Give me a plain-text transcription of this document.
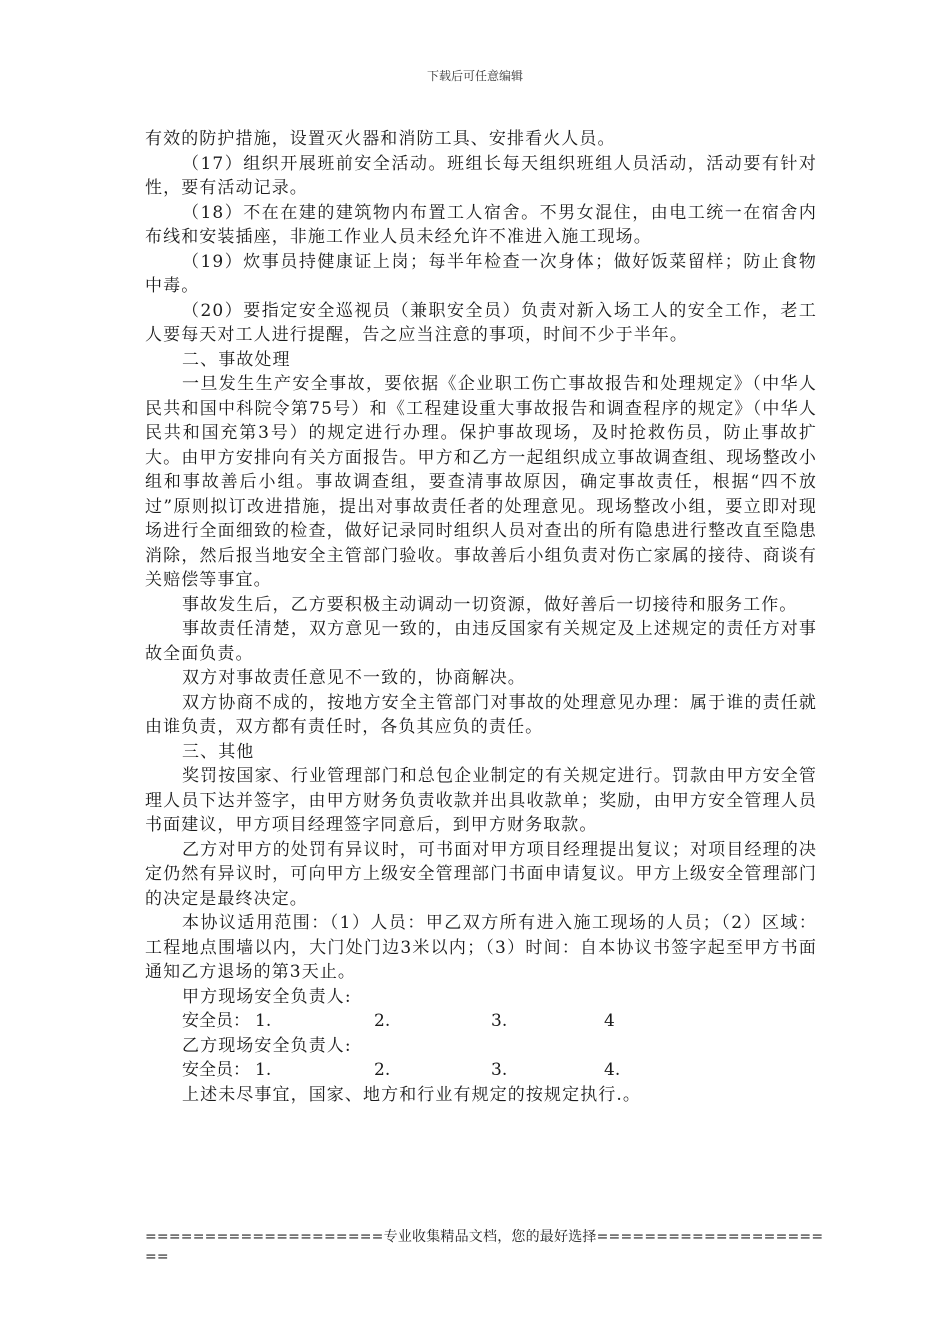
下载后可任意编辑

有效的防护措施，设置灭火器和消防工具、安排看火人员。

（17）组织开展班前安全活动。班组长每天组织班组人员活动，活动要有针对性，要有活动记录。

（18）不在在建的建筑物内布置工人宿舍。不男女混住，由电工统一在宿舍内布线和安装插座，非施工作业人员未经允许不准进入施工现场。

（19）炊事员持健康证上岗；每半年检查一次身体；做好饭菜留样；防止食物中毒。

（20）要指定安全巡视员（兼职安全员）负责对新入场工人的安全工作，老工人要每天对工人进行提醒，告之应当注意的事项，时间不少于半年。

二、事故处理

一旦发生生产安全事故，要依据《企业职工伤亡事故报告和处理规定》（中华人民共和国中科院令第75号）和《工程建设重大事故报告和调查程序的规定》（中华人民共和国充第3号）的规定进行办理。保护事故现场，及时抢救伤员，防止事故扩大。由甲方安排向有关方面报告。甲方和乙方一起组织成立事故调查组、现场整改小组和事故善后小组。事故调查组，要查清事故原因，确定事故责任，根据“四不放过”原则拟订改进措施，提出对事故责任者的处理意见。现场整改小组，要立即对现场进行全面细致的检查，做好记录同时组织人员对查出的所有隐患进行整改直至隐患消除，然后报当地安全主管部门验收。事故善后小组负责对伤亡家属的接待、商谈有关赔偿等事宜。

事故发生后，乙方要积极主动调动一切资源，做好善后一切接待和服务工作。

事故责任清楚，双方意见一致的，由违反国家有关规定及上述规定的责任方对事故全面负责。

双方对事故责任意见不一致的，协商解决。

双方协商不成的，按地方安全主管部门对事故的处理意见办理：属于谁的责任就由谁负责，双方都有责任时，各负其应负的责任。

三、其他

奖罚按国家、行业管理部门和总包企业制定的有关规定进行。罚款由甲方安全管理人员下达并签字，由甲方财务负责收款并出具收款单；奖励，由甲方安全管理人员书面建议，甲方项目经理签字同意后，到甲方财务取款。

乙方对甲方的处罚有异议时，可书面对甲方项目经理提出复议；对项目经理的决定仍然有异议时，可向甲方上级安全管理部门书面申请复议。甲方上级安全管理部门的决定是最终决定。

本协议适用范围：（1）人员：甲乙双方所有进入施工现场的人员；（2）区域：工程地点围墙以内，大门处门边3米以内；（3）时间：自本协议书签字起至甲方书面通知乙方退场的第3天止。

甲方现场安全负责人:

安全员： 1.	2.	3.	4

乙方现场安全负责人:

安全员： 1.	2.	3.	4.

上述未尽事宜，国家、地方和行业有规定的按规定执行.。

====================专业收集精品文档，您的最好选择=====================
